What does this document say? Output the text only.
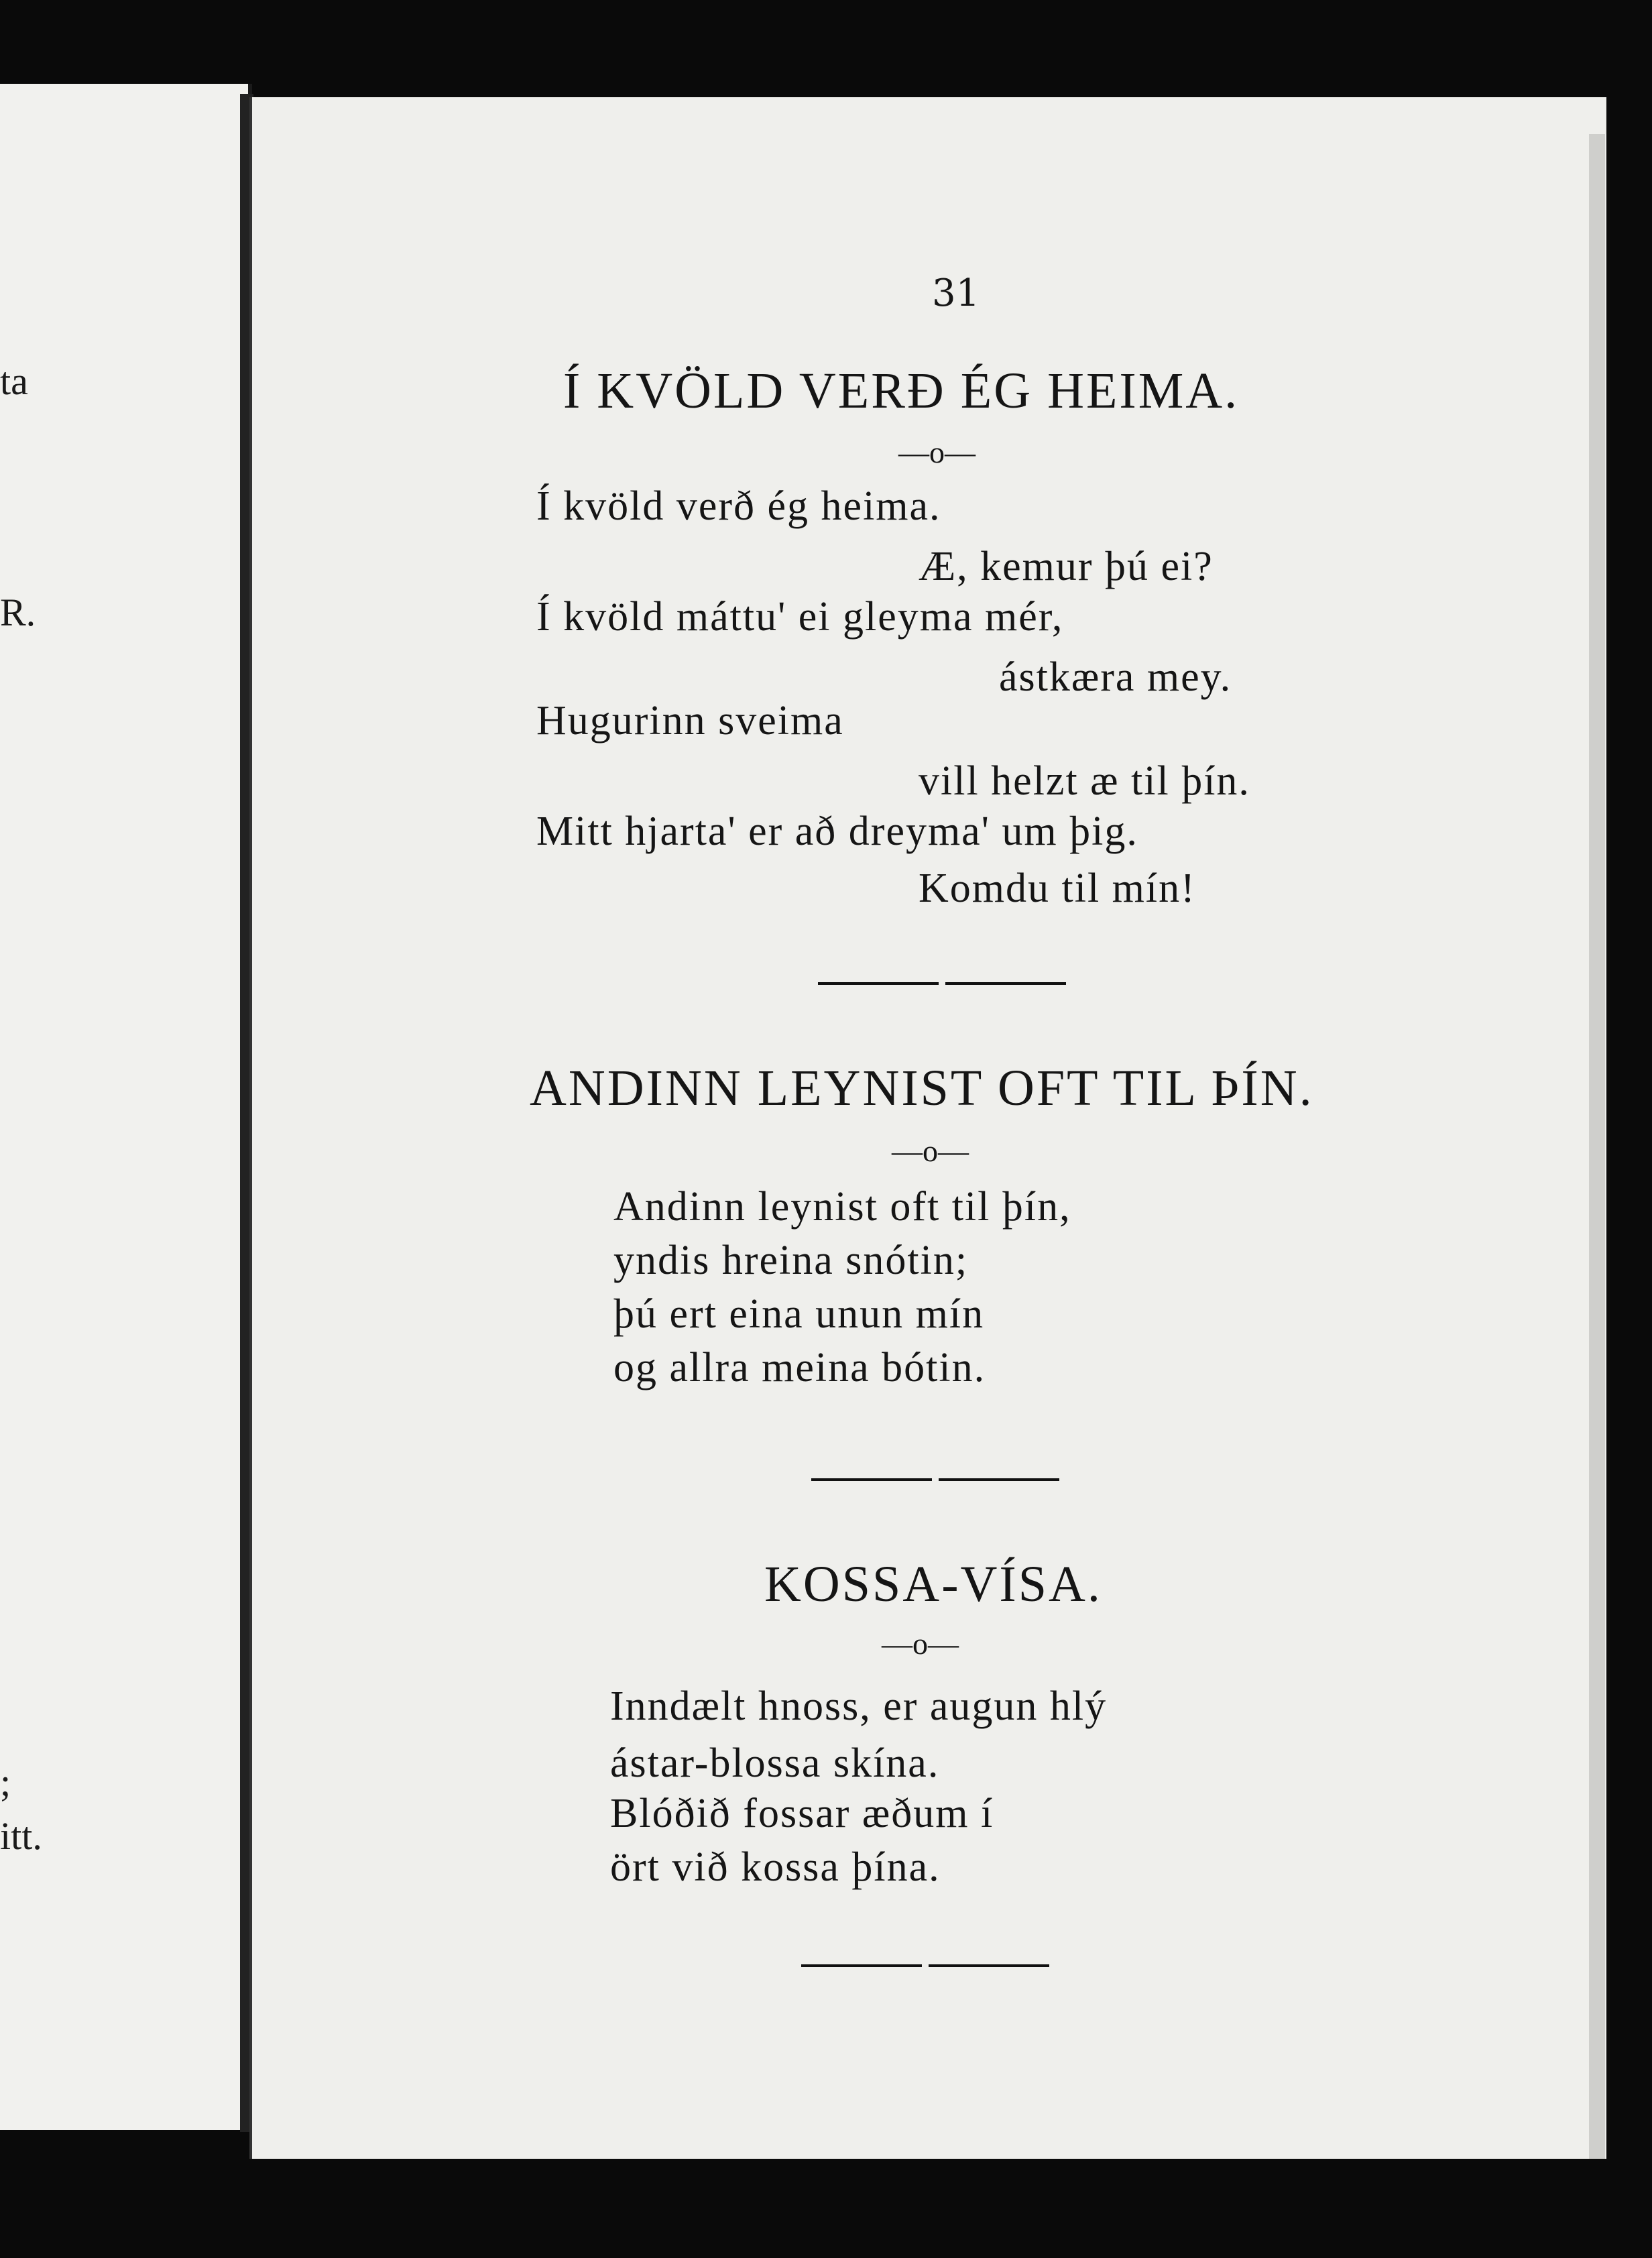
ta
R.
;
itt.
31
Í KVÖLD VERÐ ÉG HEIMA.
—o—
Í kvöld verð ég heima.
Æ, kemur þú ei?
Í kvöld máttu' ei gleyma mér,
ástkæra mey.
Hugurinn sveima
vill helzt æ til þín.
Mitt hjarta' er að dreyma' um þig.
Komdu til mín!
ANDINN LEYNIST OFT TIL ÞÍN.
—o—
Andinn leynist oft til þín,
yndis hreina snótin;
þú ert eina unun mín
og allra meina bótin.
KOSSA-VÍSA.
—o—
Inndælt hnoss, er augun hlý
ástar-blossa skína.
Blóðið fossar æðum í
ört við kossa þína.
